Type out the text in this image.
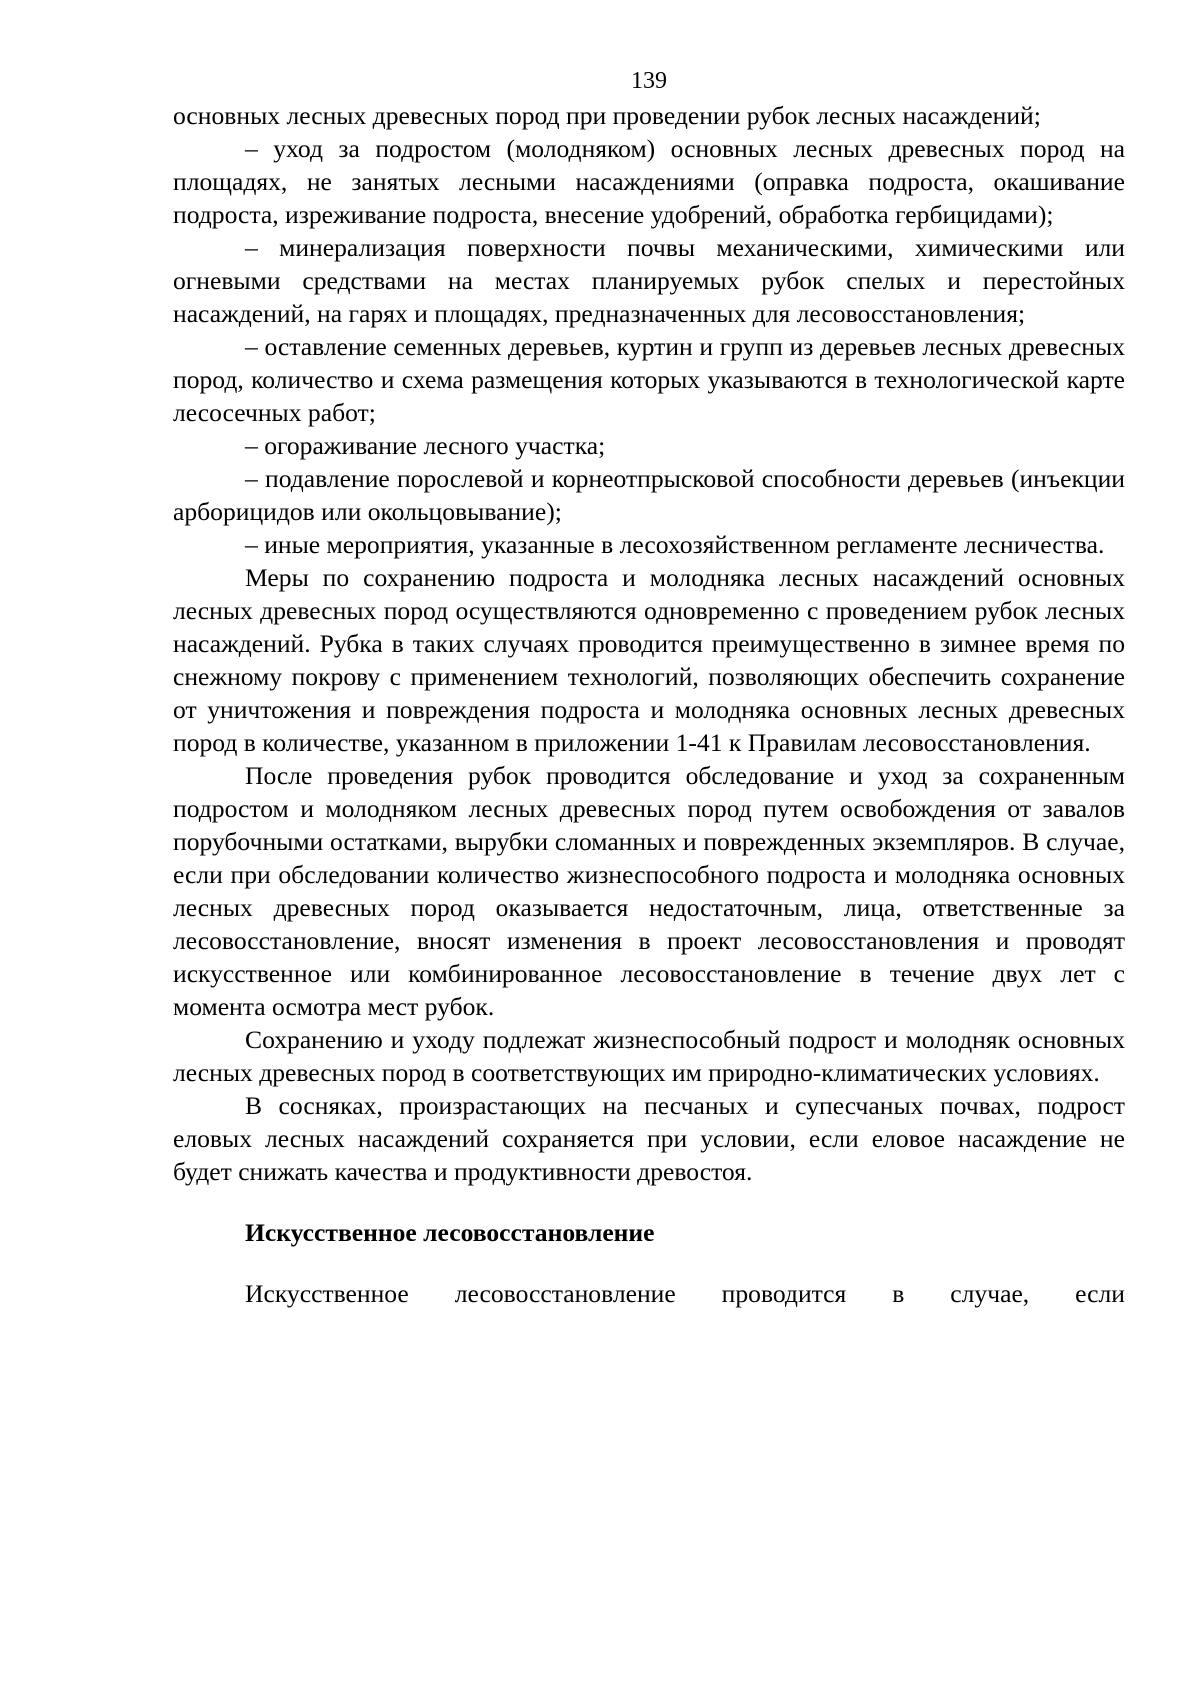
139

основных лесных древесных пород при проведении рубок лесных насаждений;

– уход за подростом (молодняком) основных лесных древесных пород на площадях, не занятых лесными насаждениями (оправка подроста, окашивание подроста, изреживание подроста, внесение удобрений, обработка гербицидами);

– минерализация поверхности почвы механическими, химическими или огневыми средствами на местах планируемых рубок спелых и перестойных насаждений, на гарях и площадях, предназначенных для лесовосстановления;

– оставление семенных деревьев, куртин и групп из деревьев лесных древесных пород, количество и схема размещения которых указываются в технологической карте лесосечных работ;

– огораживание лесного участка;

– подавление порослевой и корнеотпрысковой способности деревьев (инъекции арборицидов или окольцовывание);

– иные мероприятия, указанные в лесохозяйственном регламенте лесничества.

Меры по сохранению подроста и молодняка лесных насаждений основных лесных древесных пород осуществляются одновременно с проведением рубок лесных насаждений. Рубка в таких случаях проводится преимущественно в зимнее время по снежному покрову с применением технологий, позволяющих обеспечить сохранение от уничтожения и повреждения подроста и молодняка основных лесных древесных пород в количестве, указанном в приложении 1-41 к Правилам лесовосстановления.

После проведения рубок проводится обследование и уход за сохраненным подростом и молодняком лесных древесных пород путем освобождения от завалов порубочными остатками, вырубки сломанных и поврежденных экземпляров. В случае, если при обследовании количество жизнеспособного подроста и молодняка основных лесных древесных пород оказывается недостаточным, лица, ответственные за лесовосстановление, вносят изменения в проект лесовосстановления и проводят искусственное или комбинированное лесовосстановление в течение двух лет с момента осмотра мест рубок.

Сохранению и уходу подлежат жизнеспособный подрост и молодняк основных лесных древесных пород в соответствующих им природно-климатических условиях.

В сосняках, произрастающих на песчаных и супесчаных почвах, подрост еловых лесных насаждений сохраняется при условии, если еловое насаждение не будет снижать качества и продуктивности древостоя.

Искусственное лесовосстановление

Искусственное лесовосстановление проводится в случае, если
